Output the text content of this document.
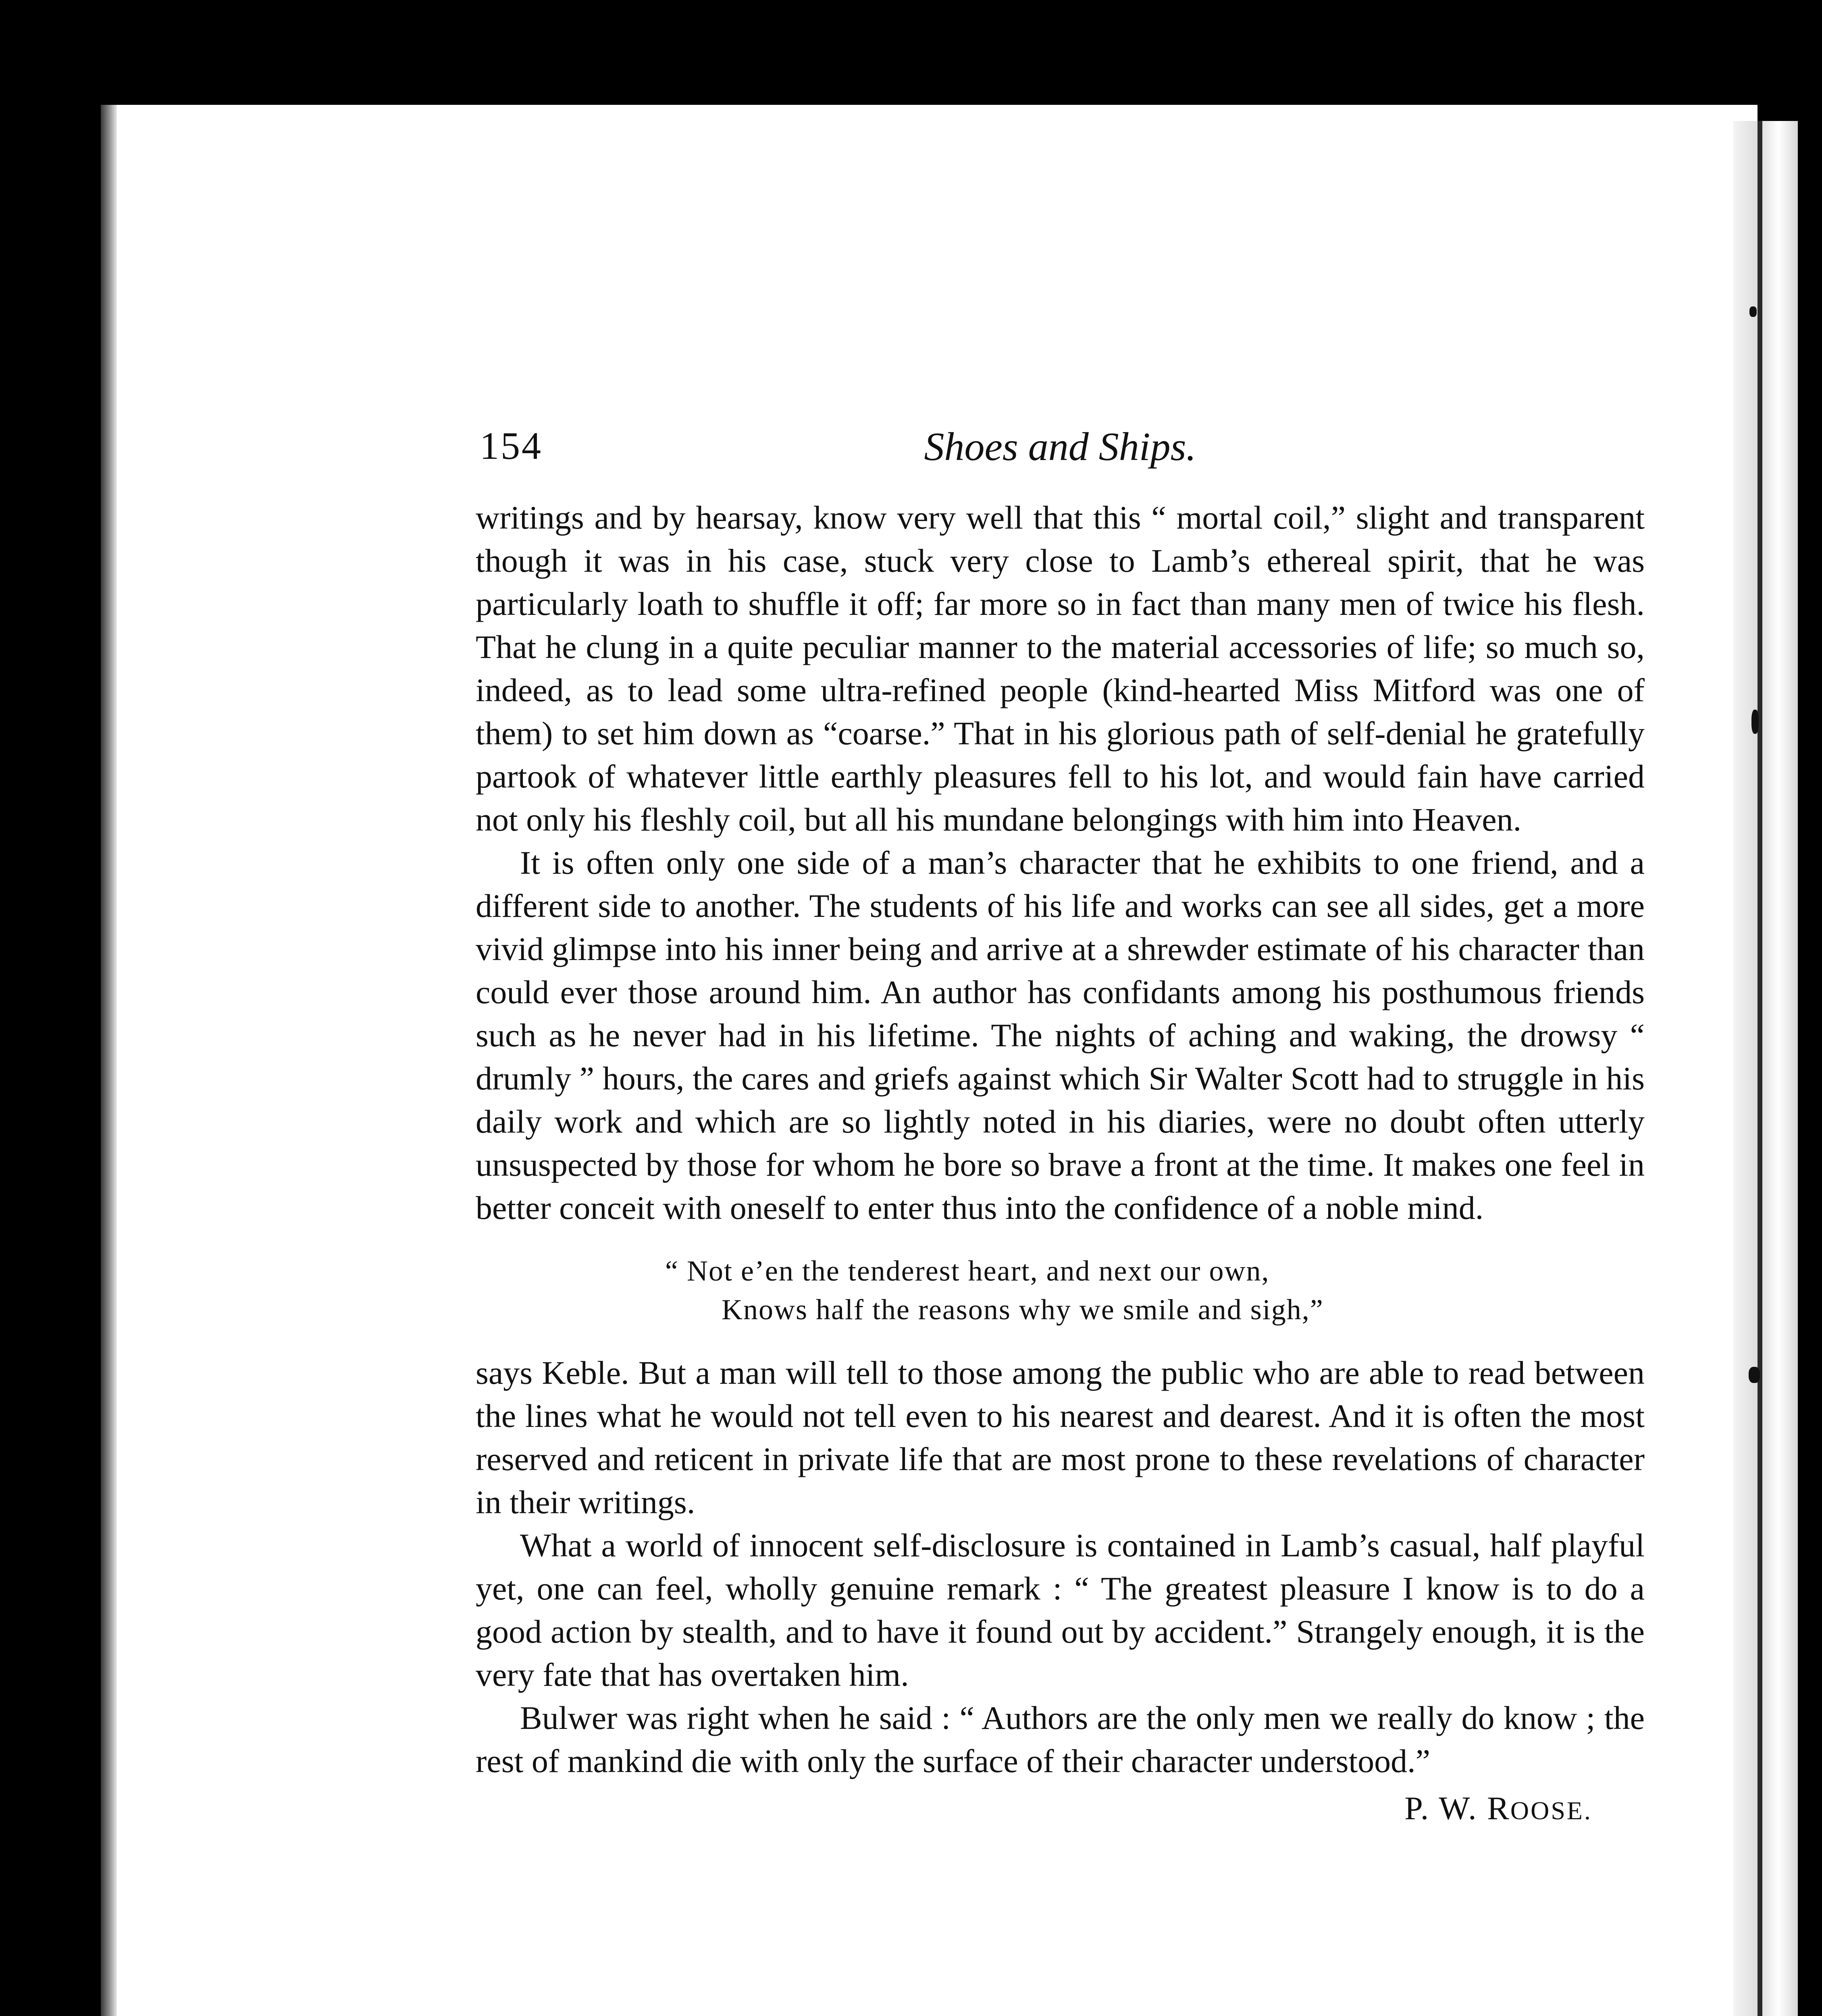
154	Shoes and Ships.

writings and by hearsay, know very well that this “ mortal coil,” slight and transparent though it was in his case, stuck very close to Lamb’s ethereal spirit, that he was particularly loath to shuffle it off; far more so in fact than many men of twice his flesh. That he clung in a quite peculiar manner to the material accessories of life; so much so, indeed, as to lead some ultra-refined people (kind-hearted Miss Mitford was one of them) to set him down as “coarse.” That in his glorious path of self-denial he gratefully partook of whatever little earthly pleasures fell to his lot, and would fain have carried not only his fleshly coil, but all his mundane belongings with him into Heaven.

It is often only one side of a man’s character that he exhibits to one friend, and a different side to another. The students of his life and works can see all sides, get a more vivid glimpse into his inner being and arrive at a shrewder estimate of his character than could ever those around him. An author has confidants among his posthumous friends such as he never had in his lifetime. The nights of aching and waking, the drowsy “ drumly ” hours, the cares and griefs against which Sir Walter Scott had to struggle in his daily work and which are so lightly noted in his diaries, were no doubt often utterly unsuspected by those for whom he bore so brave a front at the time. It makes one feel in better conceit with oneself to enter thus into the confidence of a noble mind.

“ Not e’en the tenderest heart, and next our own,
Knows half the reasons why we smile and sigh,”

says Keble. But a man will tell to those among the public who are able to read between the lines what he would not tell even to his nearest and dearest. And it is often the most reserved and reticent in private life that are most prone to these revelations of character in their writings.

What a world of innocent self-disclosure is contained in Lamb’s casual, half playful yet, one can feel, wholly genuine remark : “ The greatest pleasure I know is to do a good action by stealth, and to have it found out by accident.” Strangely enough, it is the very fate that has overtaken him.

Bulwer was right when he said : “ Authors are the only men we really do know ; the rest of mankind die with only the surface of their character understood.”

P. W. ROOSE.
